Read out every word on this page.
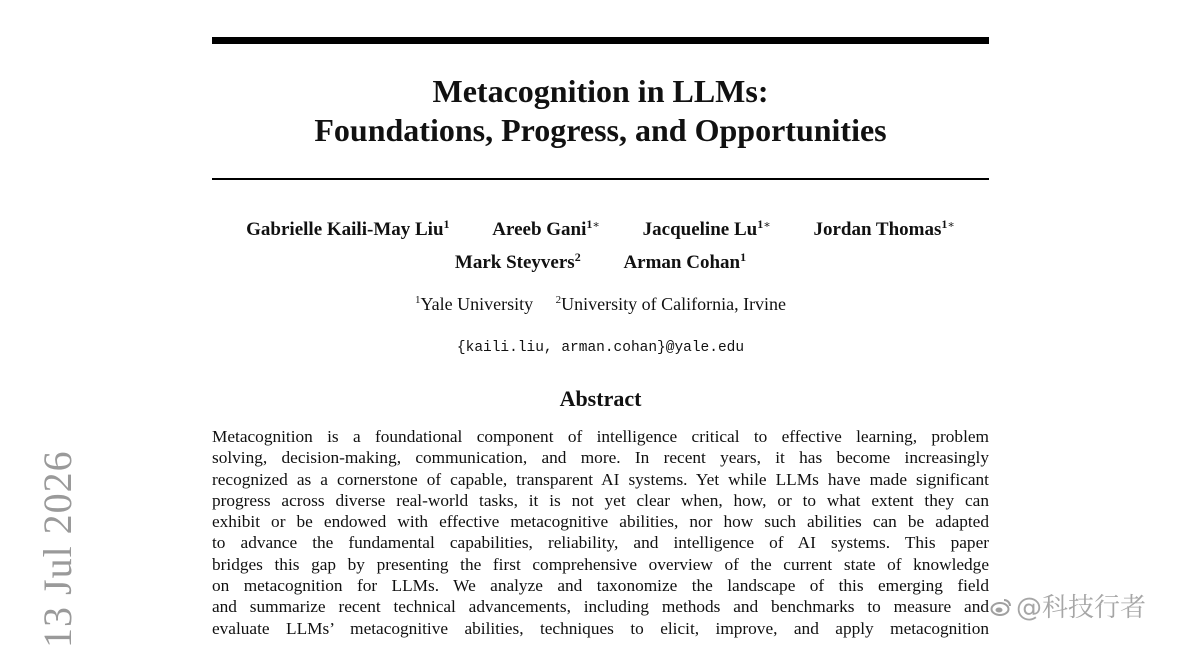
Metacognition in LLMs:
Foundations, Progress, and Opportunities
Gabrielle Kaili-May Liu$^1$ Areeb Gani$^{1∗}$ Jacqueline $Lu^{1∗}$ Jordan Thomas$^{1∗}$
Mark Steyvers$^2$ Arman Cohan$^1$
$^1$Yale University $^2$University of California, Irvine
{kaili.liu, arman.cohan}@yale.edu
Abstract
Metacognition is a foundational component of intelligence critical to effective learning, problem
solving, decision-making, communication, and more. In recent years, it has become increasingly
recognized as a cornerstone of capable, transparent AI systems. Yet while LLMs have made significant
progress across diverse real-world tasks, it is not yet clear when, how, or to what extent they can
exhibit or be endowed with effective metacognitive abilities, nor how such abilities can be adapted
to advance the fundamental capabilities, reliability, and intelligence of AI systems. This paper
bridges this gap by presenting the first comprehensive overview of the current state of knowledge
on metacognition for LLMs. We analyze and taxonomize the landscape of this emerging field
and summarize recent technical advancements, including methods and benchmarks to measure and
evaluate LLMs’ metacognitive abilities, techniques to elicit, improve, and apply metacognition
13 Jul 2026	@科技行者
